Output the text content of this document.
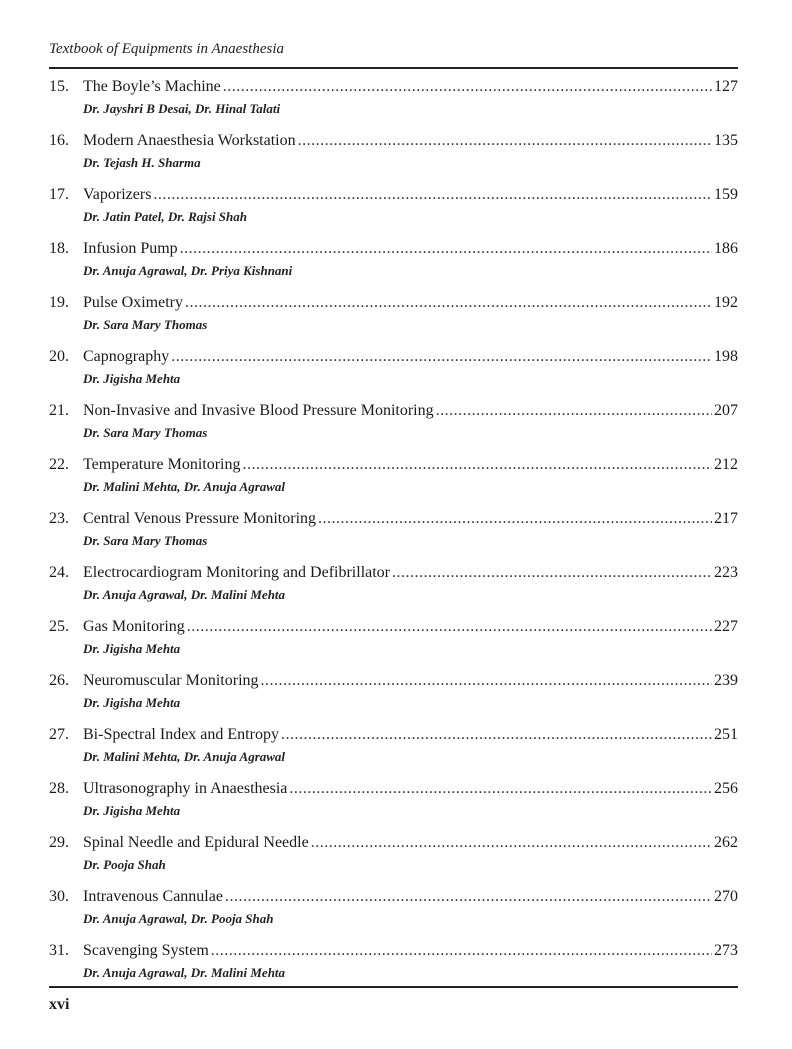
Textbook of Equipments in Anaesthesia
15. The Boyle’s Machine .....	127
Dr. Jayshri B Desai, Dr. Hinal Talati
16. Modern Anaesthesia Workstation .....	135
Dr. Tejash H. Sharma
17. Vaporizers .....	159
Dr. Jatin Patel, Dr. Rajsi Shah
18. Infusion Pump .....	186
Dr. Anuja Agrawal, Dr. Priya Kishnani
19. Pulse Oximetry .....	192
Dr. Sara Mary Thomas
20. Capnography .....	198
Dr. Jigisha Mehta
21. Non-Invasive and Invasive Blood Pressure Monitoring .....	207
Dr. Sara Mary Thomas
22. Temperature Monitoring .....	212
Dr. Malini Mehta, Dr. Anuja Agrawal
23. Central Venous Pressure Monitoring .....	217
Dr. Sara Mary Thomas
24. Electrocardiogram Monitoring and Defibrillator .....	223
Dr. Anuja Agrawal, Dr. Malini Mehta
25. Gas Monitoring .....	227
Dr. Jigisha Mehta
26. Neuromuscular Monitoring .....	239
Dr. Jigisha Mehta
27. Bi-Spectral Index and Entropy .....	251
Dr. Malini Mehta, Dr. Anuja Agrawal
28. Ultrasonography in Anaesthesia .....	256
Dr. Jigisha Mehta
29. Spinal Needle and Epidural Needle .....	262
Dr. Pooja Shah
30. Intravenous Cannulae .....	270
Dr. Anuja Agrawal, Dr. Pooja Shah
31. Scavenging System .....	273
Dr. Anuja Agrawal, Dr. Malini Mehta
xvi
